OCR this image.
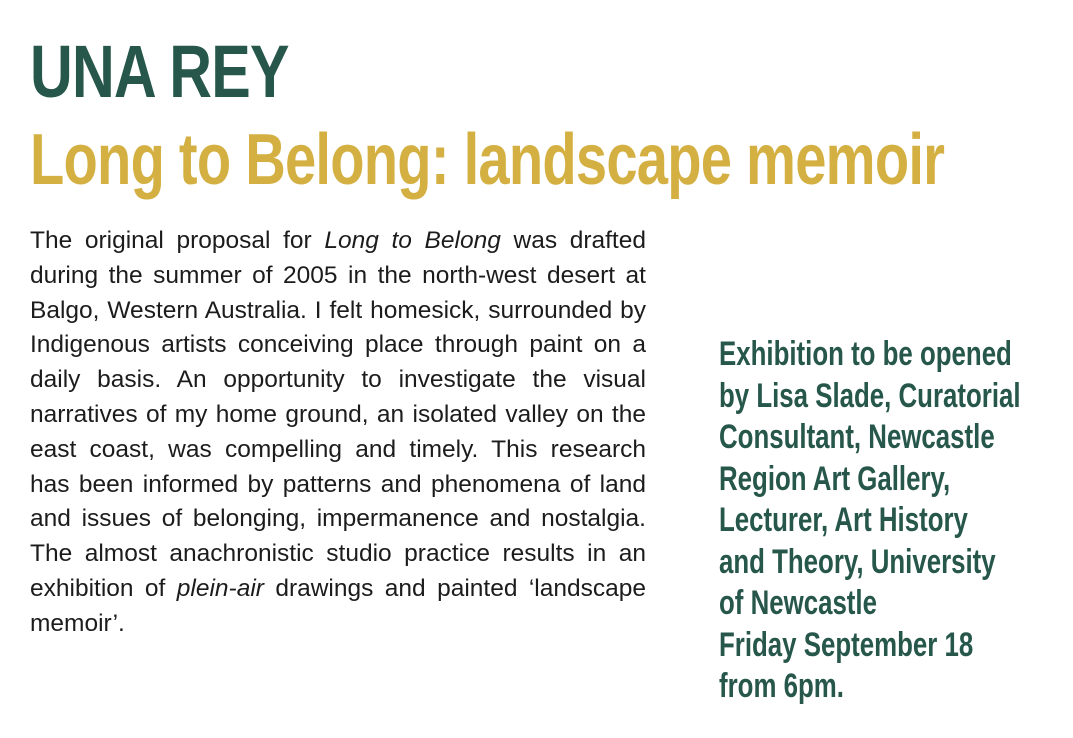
UNA REY
Long to Belong: landscape memoir

The original proposal for Long to Belong was drafted during the summer of 2005 in the north-west desert at Balgo, Western Australia. I felt homesick, surrounded by Indigenous artists conceiving place through paint on a daily basis. An opportunity to investigate the visual narratives of my home ground, an isolated valley on the east coast, was compelling and timely. This research has been informed by patterns and phenomena of land and issues of belonging, impermanence and nostalgia. The almost anachronistic studio practice results in an exhibition of plein-air drawings and painted ‘landscape memoir’.

Exhibition to be opened
by Lisa Slade, Curatorial
Consultant, Newcastle
Region Art Gallery,
Lecturer, Art History
and Theory, University
of Newcastle
Friday September 18
from 6pm.
